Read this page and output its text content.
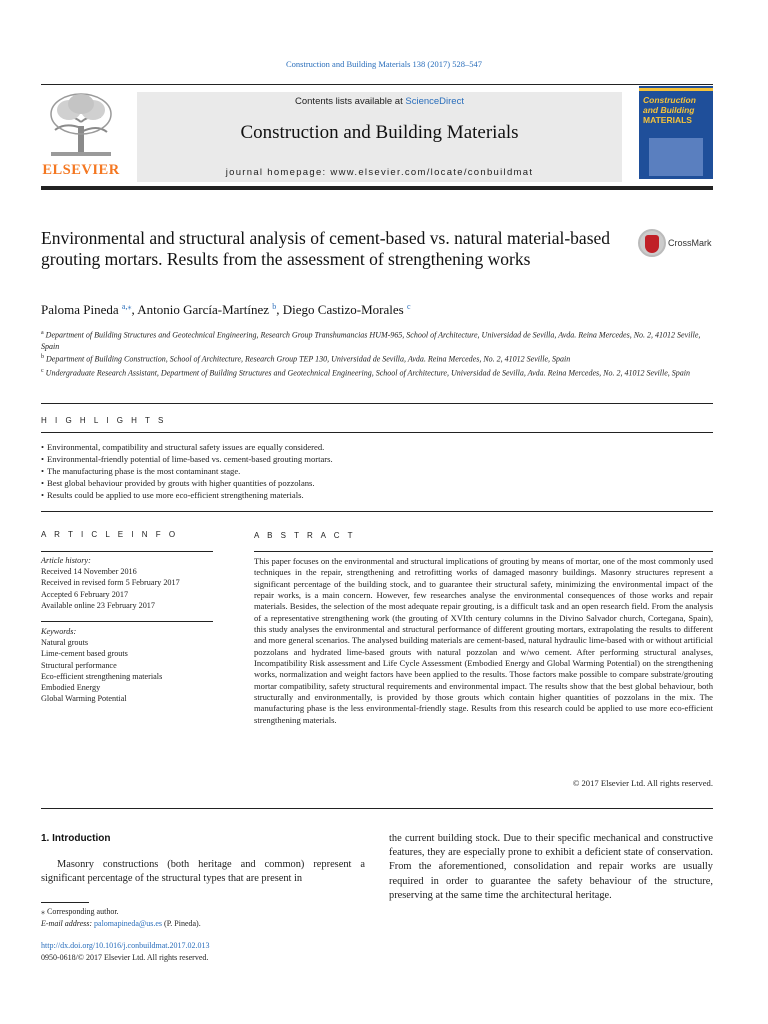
Construction and Building Materials 138 (2017) 528–547
ELSEVIER
Contents lists available at ScienceDirect
Construction and Building Materials
journal homepage: www.elsevier.com/locate/conbuildmat
Construction
and Building
MATERIALS
Environmental and structural analysis of cement-based vs. natural material-based grouting mortars. Results from the assessment of strengthening works
CrossMark
Paloma Pineda $^{a,⁎}$, Antonio García-Martínez $^b$, Diego Castizo-Morales $^c$

$^a$ Department of Building Structures and Geotechnical Engineering, Research Group Transhumancias HUM-965, School of Architecture, Universidad de Sevilla, Avda. Reina Mercedes, No. 2, 41012 Seville, Spain

$^b$ Department of Building Construction, School of Architecture, Research Group TEP 130, Universidad de Sevilla, Avda. Reina Mercedes, No. 2, 41012 Seville, Spain

$^c$ Undergraduate Research Assistant, Department of Building Structures and Geotechnical Engineering, School of Architecture, Universidad de Sevilla, Avda. Reina Mercedes, No. 2, 41012 Seville, Spain

H I G H L I G H T S
• Environmental, compatibility and structural safety issues are equally considered.
• Environmental-friendly potential of lime-based vs. cement-based grouting mortars.
• The manufacturing phase is the most contaminant stage.
• Best global behaviour provided by grouts with higher quantities of pozzolans.
• Results could be applied to use more eco-efficient strengthening materials.
A R T I C L E I N F O
Article history:
Received 14 November 2016
Received in revised form 5 February 2017
Accepted 6 February 2017
Available online 23 February 2017
Keywords:
Natural grouts
Lime-cement based grouts
Structural performance
Eco-efficient strengthening materials
Embodied Energy
Global Warming Potential
A B S T R A C T
This paper focuses on the environmental and structural implications of grouting by means of mortar, one of the most commonly used techniques in the repair, strengthening and retrofitting works of damaged masonry buildings. Masonry structures represent a significant percentage of the building stock, and to guarantee their structural safety, minimizing the environmental impact of the repair works, is a main concern. However, few researches analyse the environmental consequences of those works and repair materials. Besides, the selection of the most adequate repair grouting, is a difficult task and an open research field. From the analysis of a representative strengthening work (the grouting of XVIth century columns in the Divino Salvador church, Cortegana, Spain), this study analyses the environmental and structural performance of different grouting mortars, extrapolating the results to different and more general scenarios. The analysed building materials are cement-based, natural hydraulic lime-based with or without artificial pozzolans and hydrated lime-based grouts with natural pozzolan and w/wo cement. After performing structural analyses, Incompatibility Risk assessment and Life Cycle Assessment (Embodied Energy and Global Warming Potential) on the strengthening works, normalization and weight factors have been applied to the results. Those factors make possible to compare substrate/grouting mortar compatibility, safety structural requirements and environmental impact. The results show that the best global behaviour, both structurally and environmentally, is provided by those grouts which contain higher quantities of pozzolans in the mix. The manufacturing phase is the less environmental-friendly stage. Results from this research could be applied to use more eco-efficient strengthening materials.
© 2017 Elsevier Ltd. All rights reserved.
1. Introduction
Masonry constructions (both heritage and common) represent a significant percentage of the structural types that are present in
the current building stock. Due to their specific mechanical and constructive features, they are especially prone to exhibit a deficient state of conservation. From the aforementioned, consolidation and repair works are usually required in order to guarantee the safety behaviour of the structure, preserving at the same time the architectural heritage.
⁎ Corresponding author.
E-mail address: palomapineda@us.es (P. Pineda).
http://dx.doi.org/10.1016/j.conbuildmat.2017.02.013
0950-0618/© 2017 Elsevier Ltd. All rights reserved.
